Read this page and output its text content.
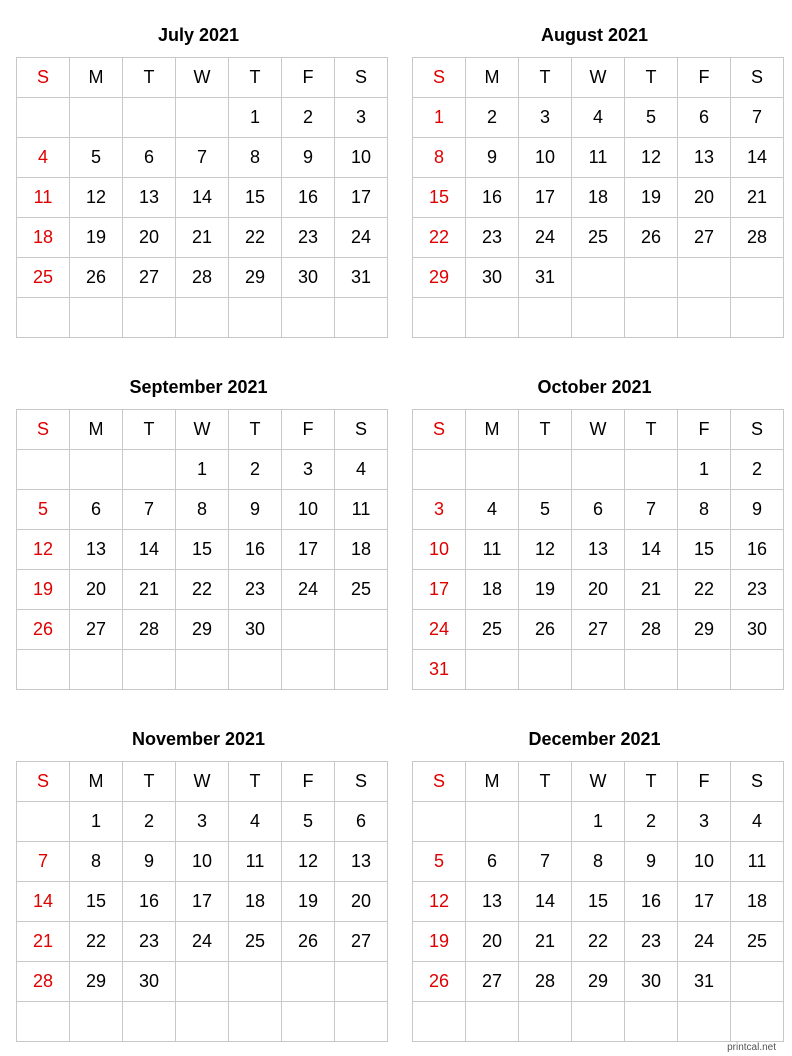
July 2021
S	M	T	W	T	F	S
				1	2	3
4	5	6	7	8	9	10
11	12	13	14	15	16	17
18	19	20	21	22	23	24
25	26	27	28	29	30	31

August 2021
S	M	T	W	T	F	S
1	2	3	4	5	6	7
8	9	10	11	12	13	14
15	16	17	18	19	20	21
22	23	24	25	26	27	28
29	30	31				

September 2021
S	M	T	W	T	F	S
			1	2	3	4
5	6	7	8	9	10	11
12	13	14	15	16	17	18
19	20	21	22	23	24	25
26	27	28	29	30		

October 2021
S	M	T	W	T	F	S
					1	2
3	4	5	6	7	8	9
10	11	12	13	14	15	16
17	18	19	20	21	22	23
24	25	26	27	28	29	30
31						
November 2021
S	M	T	W	T	F	S
	1	2	3	4	5	6
7	8	9	10	11	12	13
14	15	16	17	18	19	20
21	22	23	24	25	26	27
28	29	30				

December 2021
S	M	T	W	T	F	S
			1	2	3	4
5	6	7	8	9	10	11
12	13	14	15	16	17	18
19	20	21	22	23	24	25
26	27	28	29	30	31	

printcal.net
